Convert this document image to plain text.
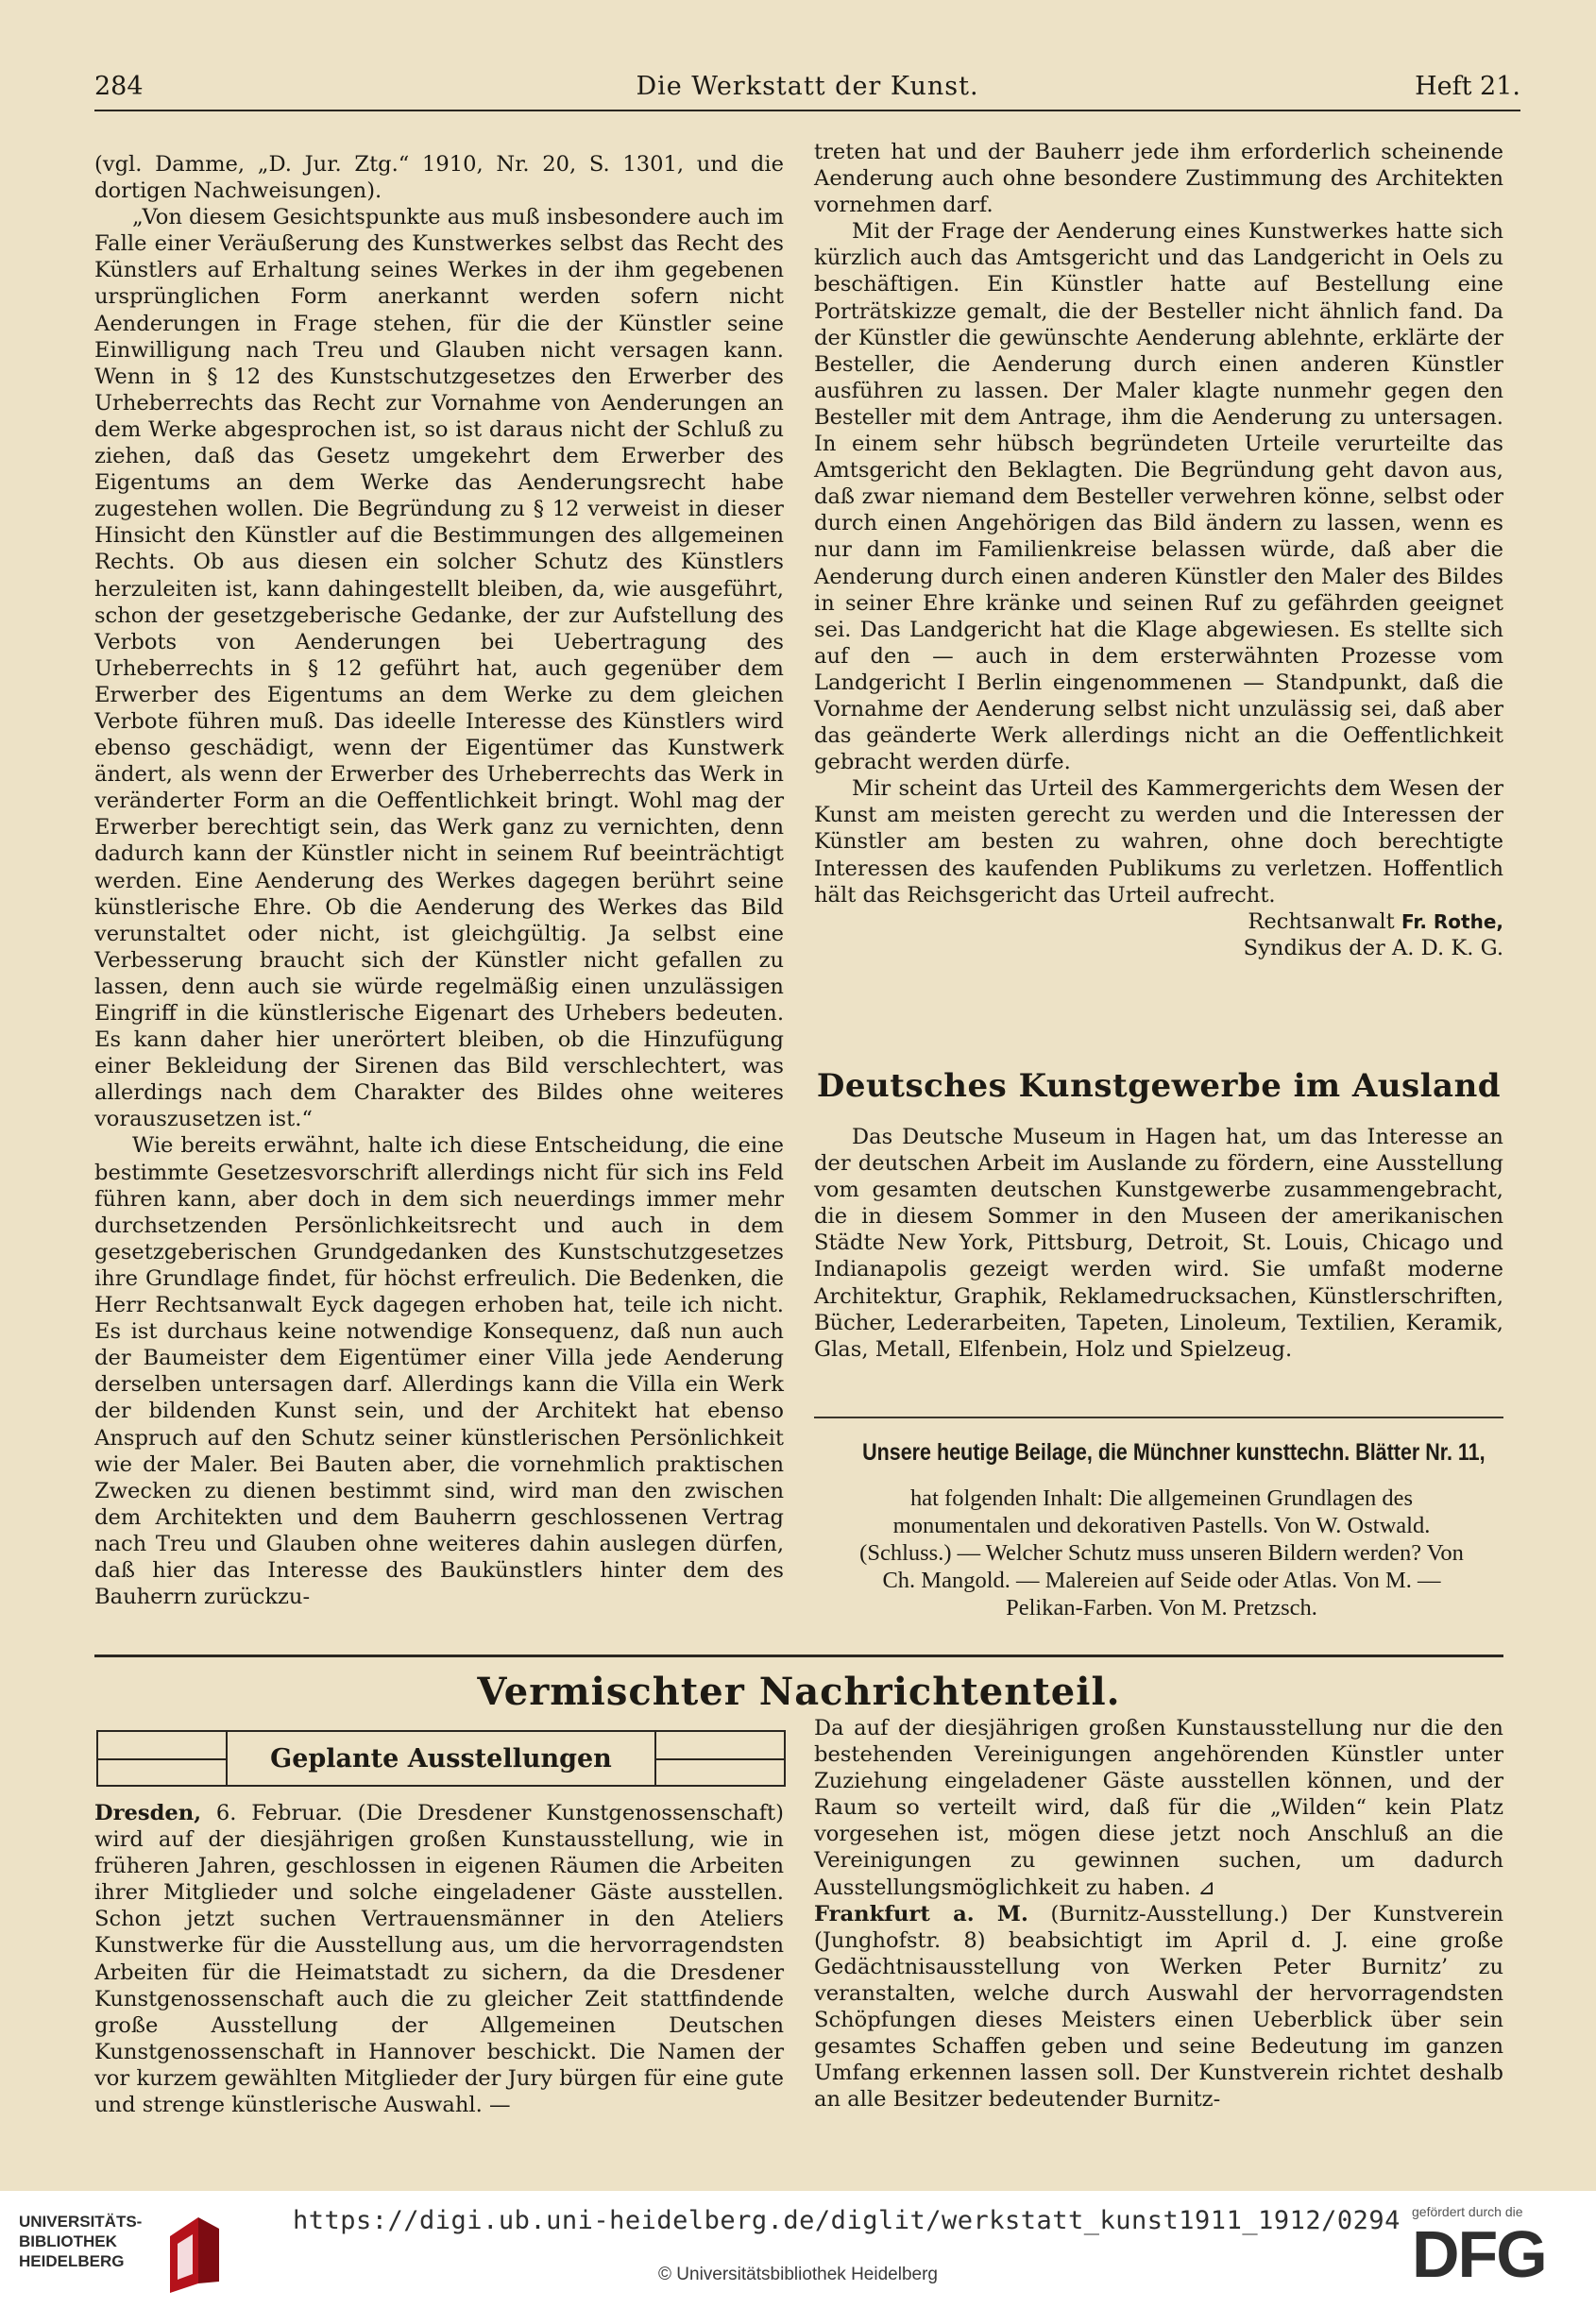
284	Die Werkstatt der Kunst.	Heft 21.

(vgl. Damme, „D. Jur. Ztg.“ 1910, Nr. 20, S. 1301, und die dortigen Nachweisungen).

„Von diesem Gesichtspunkte aus muß insbesondere auch im Falle einer Veräußerung des Kunstwerkes selbst das Recht des Künstlers auf Erhaltung seines Werkes in der ihm gegebenen ursprünglichen Form anerkannt werden sofern nicht Aenderungen in Frage stehen, für die der Künstler seine Einwilligung nach Treu und Glauben nicht versagen kann. Wenn in § 12 des Kunstschutzgesetzes den Erwerber des Urheberrechts das Recht zur Vornahme von Aenderungen an dem Werke abgesprochen ist, so ist daraus nicht der Schluß zu ziehen, daß das Gesetz umgekehrt dem Erwerber des Eigentums an dem Werke das Aenderungsrecht habe zugestehen wollen. Die Begründung zu § 12 verweist in dieser Hinsicht den Künstler auf die Bestimmungen des allgemeinen Rechts. Ob aus diesen ein solcher Schutz des Künstlers herzuleiten ist, kann dahingestellt bleiben, da, wie ausgeführt, schon der gesetzgeberische Gedanke, der zur Aufstellung des Verbots von Aenderungen bei Uebertragung des Urheberrechts in § 12 geführt hat, auch gegenüber dem Erwerber des Eigentums an dem Werke zu dem gleichen Verbote führen muß. Das ideelle Interesse des Künstlers wird ebenso geschädigt, wenn der Eigentümer das Kunstwerk ändert, als wenn der Erwerber des Urheberrechts das Werk in veränderter Form an die Oeffentlichkeit bringt. Wohl mag der Erwerber berechtigt sein, das Werk ganz zu vernichten, denn dadurch kann der Künstler nicht in seinem Ruf beeinträchtigt werden. Eine Aenderung des Werkes dagegen berührt seine künstlerische Ehre. Ob die Aenderung des Werkes das Bild verunstaltet oder nicht, ist gleichgültig. Ja selbst eine Verbesserung braucht sich der Künstler nicht gefallen zu lassen, denn auch sie würde regelmäßig einen unzulässigen Eingriff in die künstlerische Eigenart des Urhebers bedeuten. Es kann daher hier unerörtert bleiben, ob die Hinzufügung einer Bekleidung der Sirenen das Bild verschlechtert, was allerdings nach dem Charakter des Bildes ohne weiteres vorauszusetzen ist.“

Wie bereits erwähnt, halte ich diese Entscheidung, die eine bestimmte Gesetzesvorschrift allerdings nicht für sich ins Feld führen kann, aber doch in dem sich neuerdings immer mehr durchsetzenden Persönlichkeitsrecht und auch in dem gesetzgeberischen Grundgedanken des Kunstschutzgesetzes ihre Grundlage findet, für höchst erfreulich. Die Bedenken, die Herr Rechtsanwalt Eyck dagegen erhoben hat, teile ich nicht. Es ist durchaus keine notwendige Konsequenz, daß nun auch der Baumeister dem Eigentümer einer Villa jede Aenderung derselben untersagen darf. Allerdings kann die Villa ein Werk der bildenden Kunst sein, und der Architekt hat ebenso Anspruch auf den Schutz seiner künstlerischen Persönlichkeit wie der Maler. Bei Bauten aber, die vornehmlich praktischen Zwecken zu dienen bestimmt sind, wird man den zwischen dem Architekten und dem Bauherrn geschlossenen Vertrag nach Treu und Glauben ohne weiteres dahin auslegen dürfen, daß hier das Interesse des Baukünstlers hinter dem des Bauherrn zurückzu-

treten hat und der Bauherr jede ihm erforderlich scheinende Aenderung auch ohne besondere Zustimmung des Architekten vornehmen darf.

Mit der Frage der Aenderung eines Kunstwerkes hatte sich kürzlich auch das Amtsgericht und das Landgericht in Oels zu beschäftigen. Ein Künstler hatte auf Bestellung eine Porträtskizze gemalt, die der Besteller nicht ähnlich fand. Da der Künstler die gewünschte Aenderung ablehnte, erklärte der Besteller, die Aenderung durch einen anderen Künstler ausführen zu lassen. Der Maler klagte nunmehr gegen den Besteller mit dem Antrage, ihm die Aenderung zu untersagen. In einem sehr hübsch begründeten Urteile verurteilte das Amtsgericht den Beklagten. Die Begründung geht davon aus, daß zwar niemand dem Besteller verwehren könne, selbst oder durch einen Angehörigen das Bild ändern zu lassen, wenn es nur dann im Familienkreise belassen würde, daß aber die Aenderung durch einen anderen Künstler den Maler des Bildes in seiner Ehre kränke und seinen Ruf zu gefährden geeignet sei. Das Landgericht hat die Klage abgewiesen. Es stellte sich auf den — auch in dem ersterwähnten Prozesse vom Landgericht I Berlin eingenommenen — Standpunkt, daß die Vornahme der Aenderung selbst nicht unzulässig sei, daß aber das geänderte Werk allerdings nicht an die Oeffentlichkeit gebracht werden dürfe.

Mir scheint das Urteil des Kammergerichts dem Wesen der Kunst am meisten gerecht zu werden und die Interessen der Künstler am besten zu wahren, ohne doch berechtigte Interessen des kaufenden Publikums zu verletzen. Hoffentlich hält das Reichsgericht das Urteil aufrecht.

Rechtsanwalt Fr. Rothe,

Syndikus der A. D. K. G.

Deutsches Kunstgewerbe im Ausland

Das Deutsche Museum in Hagen hat, um das Interesse an der deutschen Arbeit im Auslande zu fördern, eine Ausstellung vom gesamten deutschen Kunstgewerbe zusammengebracht, die in diesem Sommer in den Museen der amerikanischen Städte New York, Pittsburg, Detroit, St. Louis, Chicago und Indianapolis gezeigt werden wird. Sie umfaßt moderne Architektur, Graphik, Reklamedrucksachen, Künstlerschriften, Bücher, Lederarbeiten, Tapeten, Linoleum, Textilien, Keramik, Glas, Metall, Elfenbein, Holz und Spielzeug.

Unsere heutige Beilage, die Münchner kunsttechn. Blätter Nr. 11,
hat folgenden Inhalt: Die allgemeinen Grundlagen des monumentalen und dekorativen Pastells. Von W. Ostwald. (Schluss.) — Welcher Schutz muss unseren Bildern werden? Von Ch. Mangold. — Malereien auf Seide oder Atlas. Von M. — Pelikan-Farben. Von M. Pretzsch.
Vermischter Nachrichtenteil.
Geplante Ausstellungen

Dresden, 6. Februar. (Die Dresdener Kunstgenossenschaft) wird auf der diesjährigen großen Kunstausstellung, wie in früheren Jahren, geschlossen in eigenen Räumen die Arbeiten ihrer Mitglieder und solche eingeladener Gäste ausstellen. Schon jetzt suchen Vertrauensmänner in den Ateliers Kunstwerke für die Ausstellung aus, um die hervorragendsten Arbeiten für die Heimatstadt zu sichern, da die Dresdener Kunstgenossenschaft auch die zu gleicher Zeit stattfindende große Ausstellung der Allgemeinen Deutschen Kunstgenossenschaft in Hannover beschickt. Die Namen der vor kurzem gewählten Mitglieder der Jury bürgen für eine gute und strenge künstlerische Auswahl. —

Da auf der diesjährigen großen Kunstausstellung nur die den bestehenden Vereinigungen angehörenden Künstler unter Zuziehung eingeladener Gäste ausstellen können, und der Raum so verteilt wird, daß für die „Wilden“ kein Platz vorgesehen ist, mögen diese jetzt noch Anschluß an die Vereinigungen zu gewinnen suchen, um dadurch Ausstellungsmöglichkeit zu haben. ⊿

Frankfurt a. M. (Burnitz-Ausstellung.) Der Kunstverein (Junghofstr. 8) beabsichtigt im April d. J. eine große Gedächtnisausstellung von Werken Peter Burnitz’ zu veranstalten, welche durch Auswahl der hervorragendsten Schöpfungen dieses Meisters einen Ueberblick über sein gesamtes Schaffen geben und seine Bedeutung im ganzen Umfang erkennen lassen soll. Der Kunstverein richtet deshalb an alle Besitzer bedeutender Burnitz-

UNIVERSITÄTS-
BIBLIOTHEK
HEIDELBERG
https://digi.ub.uni-heidelberg.de/diglit/werkstatt_kunst1911_1912/0294
© Universitätsbibliothek Heidelberg
gefördert durch die
DFG
